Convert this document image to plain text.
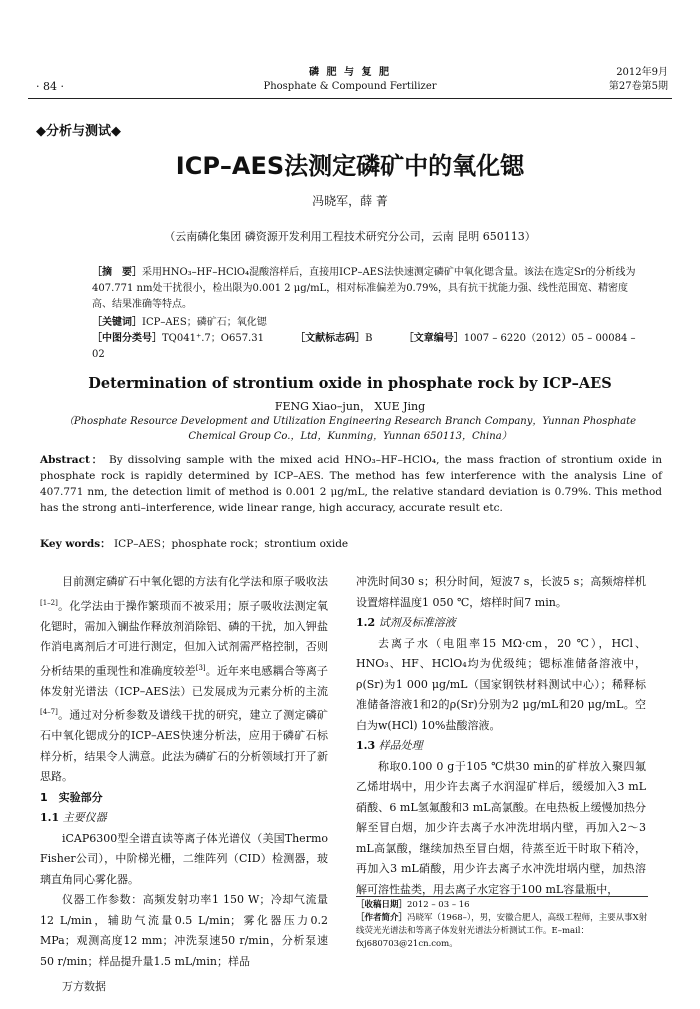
· 84 ·
磷 肥 与 复 肥
Phosphate & Compound Fertilizer
2012年9月
第27卷第5期
◆分析与测试◆
ICP–AES法测定磷矿中的氧化锶
冯晓军，薛 菁
（云南磷化集团 磷资源开发利用工程技术研究分公司，云南 昆明 650113）
［摘　要］采用HNO₃–HF–HClO₄混酸溶样后，直接用ICP–AES法快速测定磷矿中氧化锶含量。该法在选定Sr的分析线为407.771 nm处干扰很小，检出限为0.001 2 μg/mL，相对标准偏差为0.79%，具有抗干扰能力强、线性范围宽、精密度高、结果准确等特点。
［关键词］ICP–AES；磷矿石；氧化锶
［中图分类号］TQ041⁺.7；O657.31	［文献标志码］B	［文章编号］1007 – 6220（2012）05 – 00084 – 02
Determination of strontium oxide in phosphate rock by ICP–AES
FENG Xiao–jun， XUE Jing
（Phosphate Resource Development and Utilization Engineering Research Branch Company，Yunnan Phosphate Chemical Group Co.，Ltd，Kunming，Yunnan 650113，China）
Abstract： By dissolving sample with the mixed acid HNO₃–HF–HClO₄, the mass fraction of strontium oxide in phosphate rock is rapidly determined by ICP–AES. The method has few interference with the analysis Line of 407.771 nm, the detection limit of method is 0.001 2 μg/mL, the relative standard deviation is 0.79%. This method has the strong anti–interference, wide linear range, high accuracy, accurate result etc.
Key words： ICP–AES；phosphate rock；strontium oxide

目前测定磷矿石中氧化锶的方法有化学法和原子吸收法[1–2]。化学法由于操作繁琐而不被采用；原子吸收法测定氧化锶时，需加入镧盐作释放剂消除铝、磷的干扰，加入钾盐作消电离剂后才可进行测定，但加入试剂需严格控制，否则分析结果的重现性和准确度较差[3]。近年来电感耦合等离子体发射光谱法（ICP–AES法）已发展成为元素分析的主流[4–7]。通过对分析参数及谱线干扰的研究，建立了测定磷矿石中氧化锶成分的ICP–AES快速分析法，应用于磷矿石标样分析，结果令人满意。此法为磷矿石的分析领域打开了新思路。

1　实验部分

1.1 主要仪器

iCAP6300型全谱直读等离子体光谱仪（美国Thermo Fisher公司），中阶梯光栅，二维阵列（CID）检测器，玻璃直角同心雾化器。

仪器工作参数：高频发射功率1 150 W；冷却气流量12 L/min，辅助气流量0.5 L/min；雾化器压力0.2 MPa；观测高度12 mm；冲洗泵速50 r/min，分析泵速50 r/min；样品提升量1.5 mL/min；样品

冲洗时间30 s；积分时间，短波7 s，长波5 s；高频熔样机设置熔样温度1 050 ℃，熔样时间7 min。

1.2 试剂及标准溶液

去离子水（电阻率15 MΩ·cm，20 ℃），HCl、HNO₃、HF、HClO₄均为优级纯；锶标准储备溶液中，ρ(Sr)为1 000 μg/mL（国家钢铁材料测试中心）；稀释标准储备溶液1和2的ρ(Sr)分别为2 μg/mL和20 μg/mL。空白为w(HCl) 10%盐酸溶液。

1.3 样品处理

称取0.100 0 g于105 ℃烘30 min的矿样放入聚四氟乙烯坩埚中，用少许去离子水润湿矿样后，缓缓加入3 mL硝酸、6 mL氢氟酸和3 mL高氯酸。在电热板上缓慢加热分解至冒白烟，加少许去离子水冲洗坩埚内壁，再加入2～3 mL高氯酸，继续加热至冒白烟，待蒸至近干时取下稍冷，再加入3 mL硝酸，用少许去离子水冲洗坩埚内壁，加热溶解可溶性盐类，用去离子水定容于100 mL容量瓶中，

［收稿日期］2012 – 03 – 16
［作者简介］冯晓军（1968–），男，安徽合肥人，高级工程师，主要从事X射线荧光光谱法和等离子体发射光谱法分析测试工作。E–mail：fxj680703@21cn.com。
万方数据
